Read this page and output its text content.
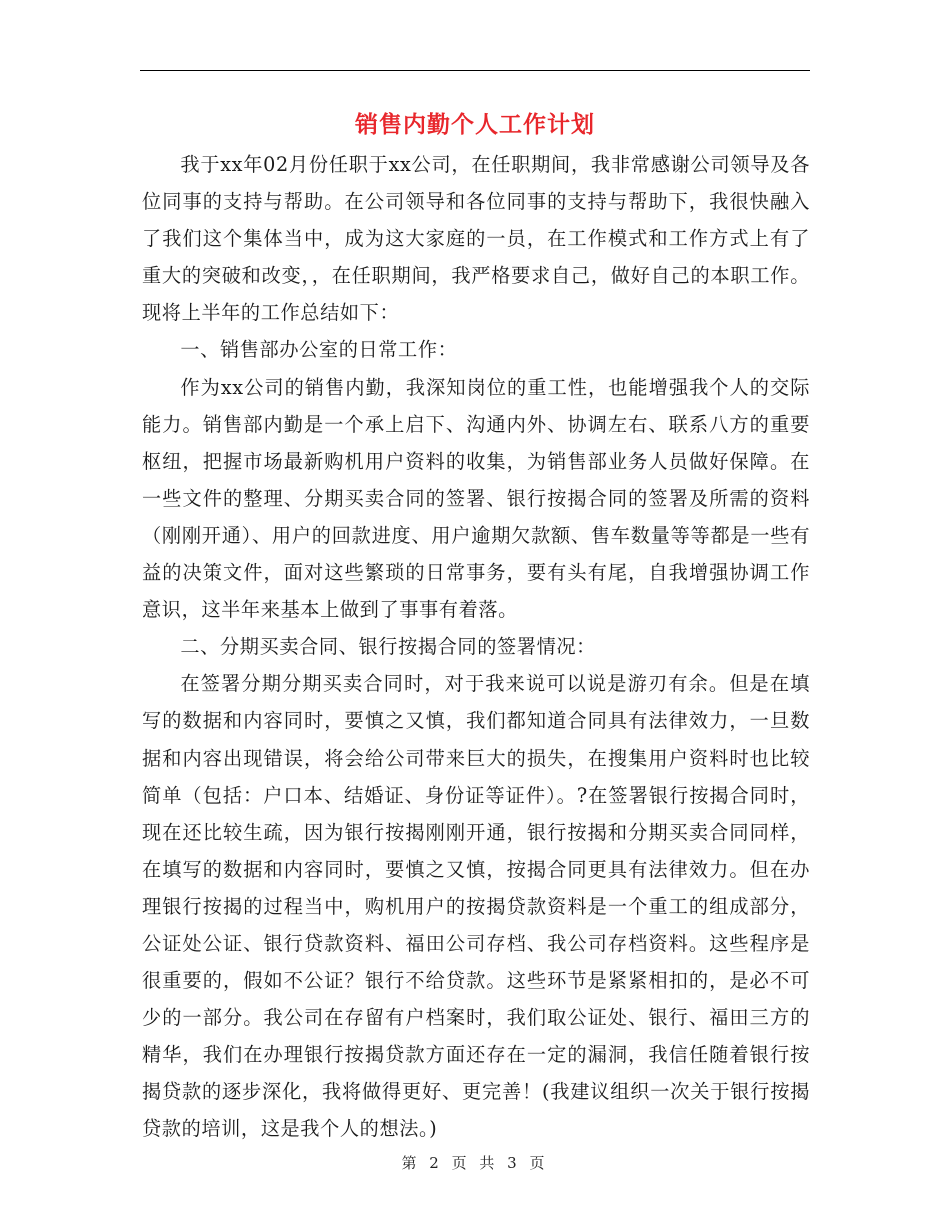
销售内勤个人工作计划

我于xx年02月份任职于xx公司，在任职期间，我非常感谢公司领导及各位同事的支持与帮助。在公司领导和各位同事的支持与帮助下，我很快融入了我们这个集体当中，成为这大家庭的一员，在工作模式和工作方式上有了重大的突破和改变，，在任职期间，我严格要求自己，做好自己的本职工作。现将上半年的工作总结如下：

一、销售部办公室的日常工作：

作为xx公司的销售内勤，我深知岗位的重工性，也能增强我个人的交际能力。销售部内勤是一个承上启下、沟通内外、协调左右、联系八方的重要枢纽，把握市场最新购机用户资料的收集，为销售部业务人员做好保障。在一些文件的整理、分期买卖合同的签署、银行按揭合同的签署及所需的资料（刚刚开通）、用户的回款进度、用户逾期欠款额、售车数量等等都是一些有益的决策文件，面对这些繁琐的日常事务，要有头有尾，自我增强协调工作意识，这半年来基本上做到了事事有着落。

二、分期买卖合同、银行按揭合同的签署情况：

在签署分期分期买卖合同时，对于我来说可以说是游刃有余。但是在填写的数据和内容同时，要慎之又慎，我们都知道合同具有法律效力，一旦数据和内容出现错误，将会给公司带来巨大的损失，在搜集用户资料时也比较简单（包括：户口本、结婚证、身份证等证件）。?在签署银行按揭合同时，现在还比较生疏，因为银行按揭刚刚开通，银行按揭和分期买卖合同同样，在填写的数据和内容同时，要慎之又慎，按揭合同更具有法律效力。但在办理银行按揭的过程当中，购机用户的按揭贷款资料是一个重工的组成部分，公证处公证、银行贷款资料、福田公司存档、我公司存档资料。这些程序是很重要的，假如不公证？银行不给贷款。这些环节是紧紧相扣的，是必不可少的一部分。我公司在存留有户档案时，我们取公证处、银行、福田三方的精华，我们在办理银行按揭贷款方面还存在一定的漏洞，我信任随着银行按揭贷款的逐步深化，我将做得更好、更完善！(我建议组织一次关于银行按揭贷款的培训，这是我个人的想法。)

第 2 页 共 3 页
